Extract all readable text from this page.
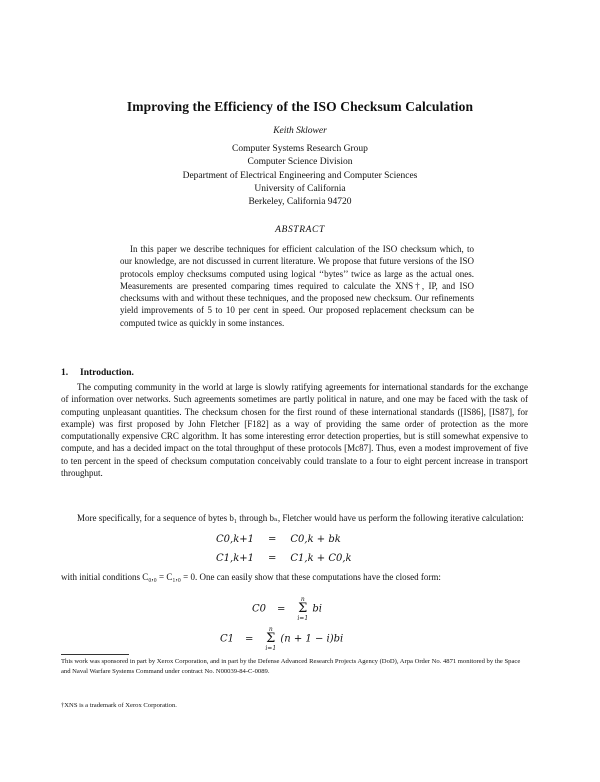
Improving the Efficiency of the ISO Checksum Calculation
Keith Sklower
Computer Systems Research Group
Computer Science Division
Department of Electrical Engineering and Computer Sciences
University of California
Berkeley, California 94720
ABSTRACT
In this paper we describe techniques for efficient calculation of the ISO checksum which, to our knowledge, are not discussed in current literature. We propose that future versions of the ISO protocols employ checksums computed using logical ‘‘bytes’’ twice as large as the actual ones. Measurements are presented comparing times required to calculate the XNS†, IP, and ISO checksums with and without these techniques, and the proposed new checksum. Our refinements yield improvements of 5 to 10 per cent in speed. Our proposed replacement checksum can be computed twice as quickly in some instances.
1. Introduction.
The computing community in the world at large is slowly ratifying agreements for international standards for the exchange of information over networks. Such agreements sometimes are partly political in nature, and one may be faced with the task of computing unpleasant quantities. The checksum chosen for the first round of these international standards ([IS86], [IS87], for example) was first proposed by John Fletcher [F182] as a way of providing the same order of protection as the more computationally expensive CRC algorithm. It has some interesting error detection properties, but is still somewhat expensive to compute, and has a decided impact on the total throughput of these protocols [Mc87]. Thus, even a modest improvement of five to ten percent in the speed of checksum computation conceivably could translate to a four to eight percent increase in transport throughput.
More specifically, for a sequence of bytes b₁ through bₙ, Fletcher would have us perform the following iterative calculation:
C0,k+1 = C0,k + bk
C1,k+1 = C1,k + C0,k
with initial conditions C₀,₀ = C₁,₀ = 0. One can easily show that these computations have the closed form:
C0 =
n
Σ
i=1
bi
C1 =
n
Σ
i=1
(n + 1 − i)bi
This work was sponsored in part by Xerox Corporation, and in part by the Defense Advanced Research Projects Agency (DoD), Arpa Order No. 4871 monitored by the Space and Naval Warfare Systems Command under contract No. N00039-84-C-0089.
†XNS is a trademark of Xerox Corporation.
